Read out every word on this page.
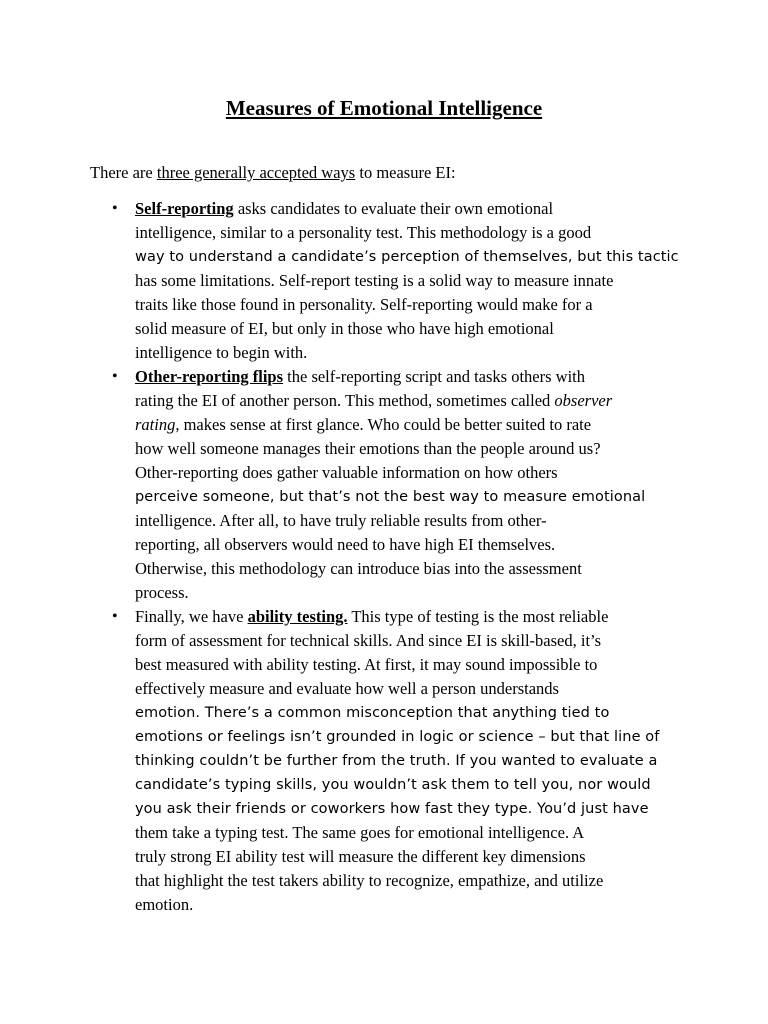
Measures of Emotional Intelligence

There are three generally accepted ways to measure EI:

• Self-reporting asks candidates to evaluate their own emotional
intelligence, similar to a personality test. This methodology is a good
way to understand a candidate’s perception of themselves, but this tactic
has some limitations. Self-report testing is a solid way to measure innate
traits like those found in personality. Self-reporting would make for a
solid measure of EI, but only in those who have high emotional
intelligence to begin with.
• Other-reporting flips the self-reporting script and tasks others with
rating the EI of another person. This method, sometimes called observer
rating, makes sense at first glance. Who could be better suited to rate
how well someone manages their emotions than the people around us?
Other-reporting does gather valuable information on how others
perceive someone, but that’s not the best way to measure emotional
intelligence. After all, to have truly reliable results from other-
reporting, all observers would need to have high EI themselves.
Otherwise, this methodology can introduce bias into the assessment
process.
• Finally, we have ability testing. This type of testing is the most reliable
form of assessment for technical skills. And since EI is skill-based, it’s
best measured with ability testing. At first, it may sound impossible to
effectively measure and evaluate how well a person understands
emotion. There’s a common misconception that anything tied to
emotions or feelings isn’t grounded in logic or science – but that line of
thinking couldn’t be further from the truth. If you wanted to evaluate a
candidate’s typing skills, you wouldn’t ask them to tell you, nor would
you ask their friends or coworkers how fast they type. You’d just have
them take a typing test. The same goes for emotional intelligence. A
truly strong EI ability test will measure the different key dimensions
that highlight the test takers ability to recognize, empathize, and utilize
emotion.
